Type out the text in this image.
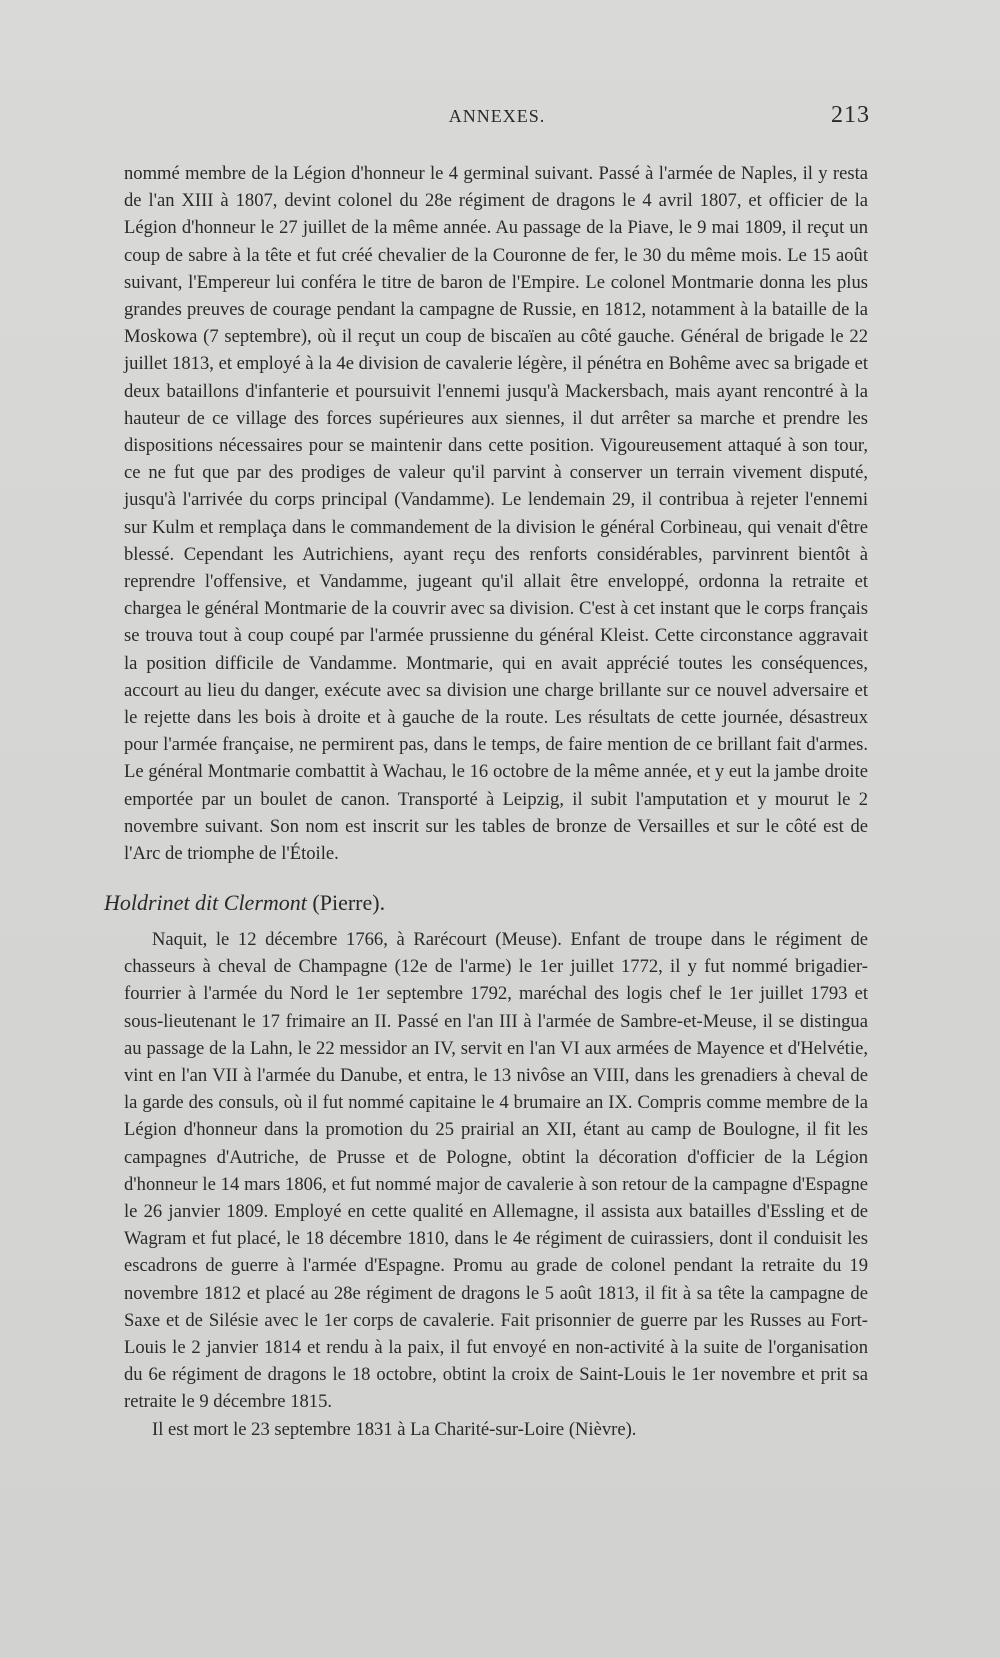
ANNEXES.	213

nommé membre de la Légion d'honneur le 4 germinal suivant. Passé à l'armée de Naples, il y resta de l'an XIII à 1807, devint colonel du 28e régiment de dragons le 4 avril 1807, et officier de la Légion d'honneur le 27 juillet de la même année. Au passage de la Piave, le 9 mai 1809, il reçut un coup de sabre à la tête et fut créé chevalier de la Couronne de fer, le 30 du même mois. Le 15 août suivant, l'Empereur lui conféra le titre de baron de l'Empire. Le colonel Montmarie donna les plus grandes preuves de courage pendant la campagne de Russie, en 1812, notamment à la bataille de la Moskowa (7 septembre), où il reçut un coup de biscaïen au côté gauche. Général de brigade le 22 juillet 1813, et employé à la 4e division de cavalerie légère, il pénétra en Bohême avec sa brigade et deux bataillons d'infanterie et poursuivit l'ennemi jusqu'à Mackersbach, mais ayant rencontré à la hauteur de ce village des forces supérieures aux siennes, il dut arrêter sa marche et prendre les dispositions nécessaires pour se maintenir dans cette position. Vigoureusement attaqué à son tour, ce ne fut que par des prodiges de valeur qu'il parvint à conserver un terrain vivement disputé, jusqu'à l'arrivée du corps principal (Vandamme). Le lendemain 29, il contribua à rejeter l'ennemi sur Kulm et remplaça dans le commandement de la division le général Corbineau, qui venait d'être blessé. Cependant les Autrichiens, ayant reçu des renforts considérables, parvinrent bientôt à reprendre l'offensive, et Vandamme, jugeant qu'il allait être enveloppé, ordonna la retraite et chargea le général Montmarie de la couvrir avec sa division. C'est à cet instant que le corps français se trouva tout à coup coupé par l'armée prussienne du général Kleist. Cette circonstance aggravait la position difficile de Vandamme. Montmarie, qui en avait apprécié toutes les conséquences, accourt au lieu du danger, exécute avec sa division une charge brillante sur ce nouvel adversaire et le rejette dans les bois à droite et à gauche de la route. Les résultats de cette journée, désastreux pour l'armée française, ne permirent pas, dans le temps, de faire mention de ce brillant fait d'armes. Le général Montmarie combattit à Wachau, le 16 octobre de la même année, et y eut la jambe droite emportée par un boulet de canon. Transporté à Leipzig, il subit l'amputation et y mourut le 2 novembre suivant. Son nom est inscrit sur les tables de bronze de Versailles et sur le côté est de l'Arc de triomphe de l'Étoile.

Holdrinet dit Clermont (Pierre).

Naquit, le 12 décembre 1766, à Rarécourt (Meuse). Enfant de troupe dans le régiment de chasseurs à cheval de Champagne (12e de l'arme) le 1er juillet 1772, il y fut nommé brigadier-fourrier à l'armée du Nord le 1er septembre 1792, maréchal des logis chef le 1er juillet 1793 et sous-lieutenant le 17 frimaire an II. Passé en l'an III à l'armée de Sambre-et-Meuse, il se distingua au passage de la Lahn, le 22 messidor an IV, servit en l'an VI aux armées de Mayence et d'Helvétie, vint en l'an VII à l'armée du Danube, et entra, le 13 nivôse an VIII, dans les grenadiers à cheval de la garde des consuls, où il fut nommé capitaine le 4 brumaire an IX. Compris comme membre de la Légion d'honneur dans la promotion du 25 prairial an XII, étant au camp de Boulogne, il fit les campagnes d'Autriche, de Prusse et de Pologne, obtint la décoration d'officier de la Légion d'honneur le 14 mars 1806, et fut nommé major de cavalerie à son retour de la campagne d'Espagne le 26 janvier 1809. Employé en cette qualité en Allemagne, il assista aux batailles d'Essling et de Wagram et fut placé, le 18 décembre 1810, dans le 4e régiment de cuirassiers, dont il conduisit les escadrons de guerre à l'armée d'Espagne. Promu au grade de colonel pendant la retraite du 19 novembre 1812 et placé au 28e régiment de dragons le 5 août 1813, il fit à sa tête la campagne de Saxe et de Silésie avec le 1er corps de cavalerie. Fait prisonnier de guerre par les Russes au Fort-Louis le 2 janvier 1814 et rendu à la paix, il fut envoyé en non-activité à la suite de l'organisation du 6e régiment de dragons le 18 octobre, obtint la croix de Saint-Louis le 1er novembre et prit sa retraite le 9 décembre 1815.

Il est mort le 23 septembre 1831 à La Charité-sur-Loire (Nièvre).
